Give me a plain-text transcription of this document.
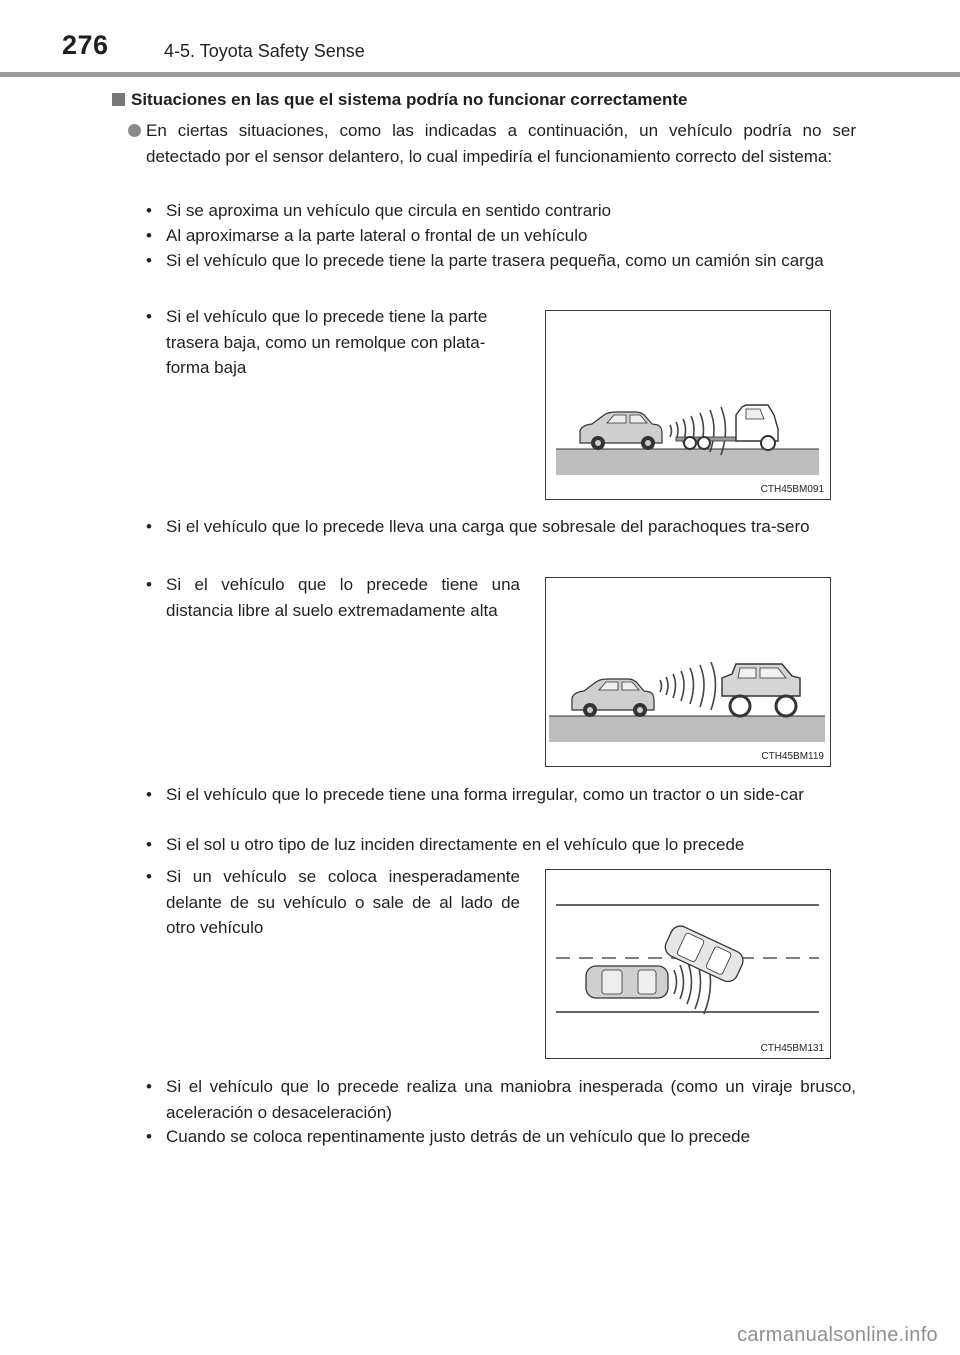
276	4-5. Toyota Safety Sense
Situaciones en las que el sistema podría no funcionar correctamente
En ciertas situaciones, como las indicadas a continuación, un vehículo podría no ser detectado por el sensor delantero, lo cual impediría el funcionamiento correcto del sistema:
• Si se aproxima un vehículo que circula en sentido contrario
• Al aproximarse a la parte lateral o frontal de un vehículo
• Si el vehículo que lo precede tiene la parte trasera pequeña, como un camión sin carga
• Si el vehículo que lo precede tiene la parte trasera baja, como un remolque con plata-forma baja
CTH45BM091
• Si el vehículo que lo precede lleva una carga que sobresale del parachoques tra-sero
• Si el vehículo que lo precede tiene una distancia libre al suelo extremadamente alta
CTH45BM119
• Si el vehículo que lo precede tiene una forma irregular, como un tractor o un side-car
• Si el sol u otro tipo de luz inciden directamente en el vehículo que lo precede
• Si un vehículo se coloca inesperadamente delante de su vehículo o sale de al lado de otro vehículo
CTH45BM131
• Si el vehículo que lo precede realiza una maniobra inesperada (como un viraje brusco, aceleración o desaceleración)
• Cuando se coloca repentinamente justo detrás de un vehículo que lo precede
carmanualsonline.info
